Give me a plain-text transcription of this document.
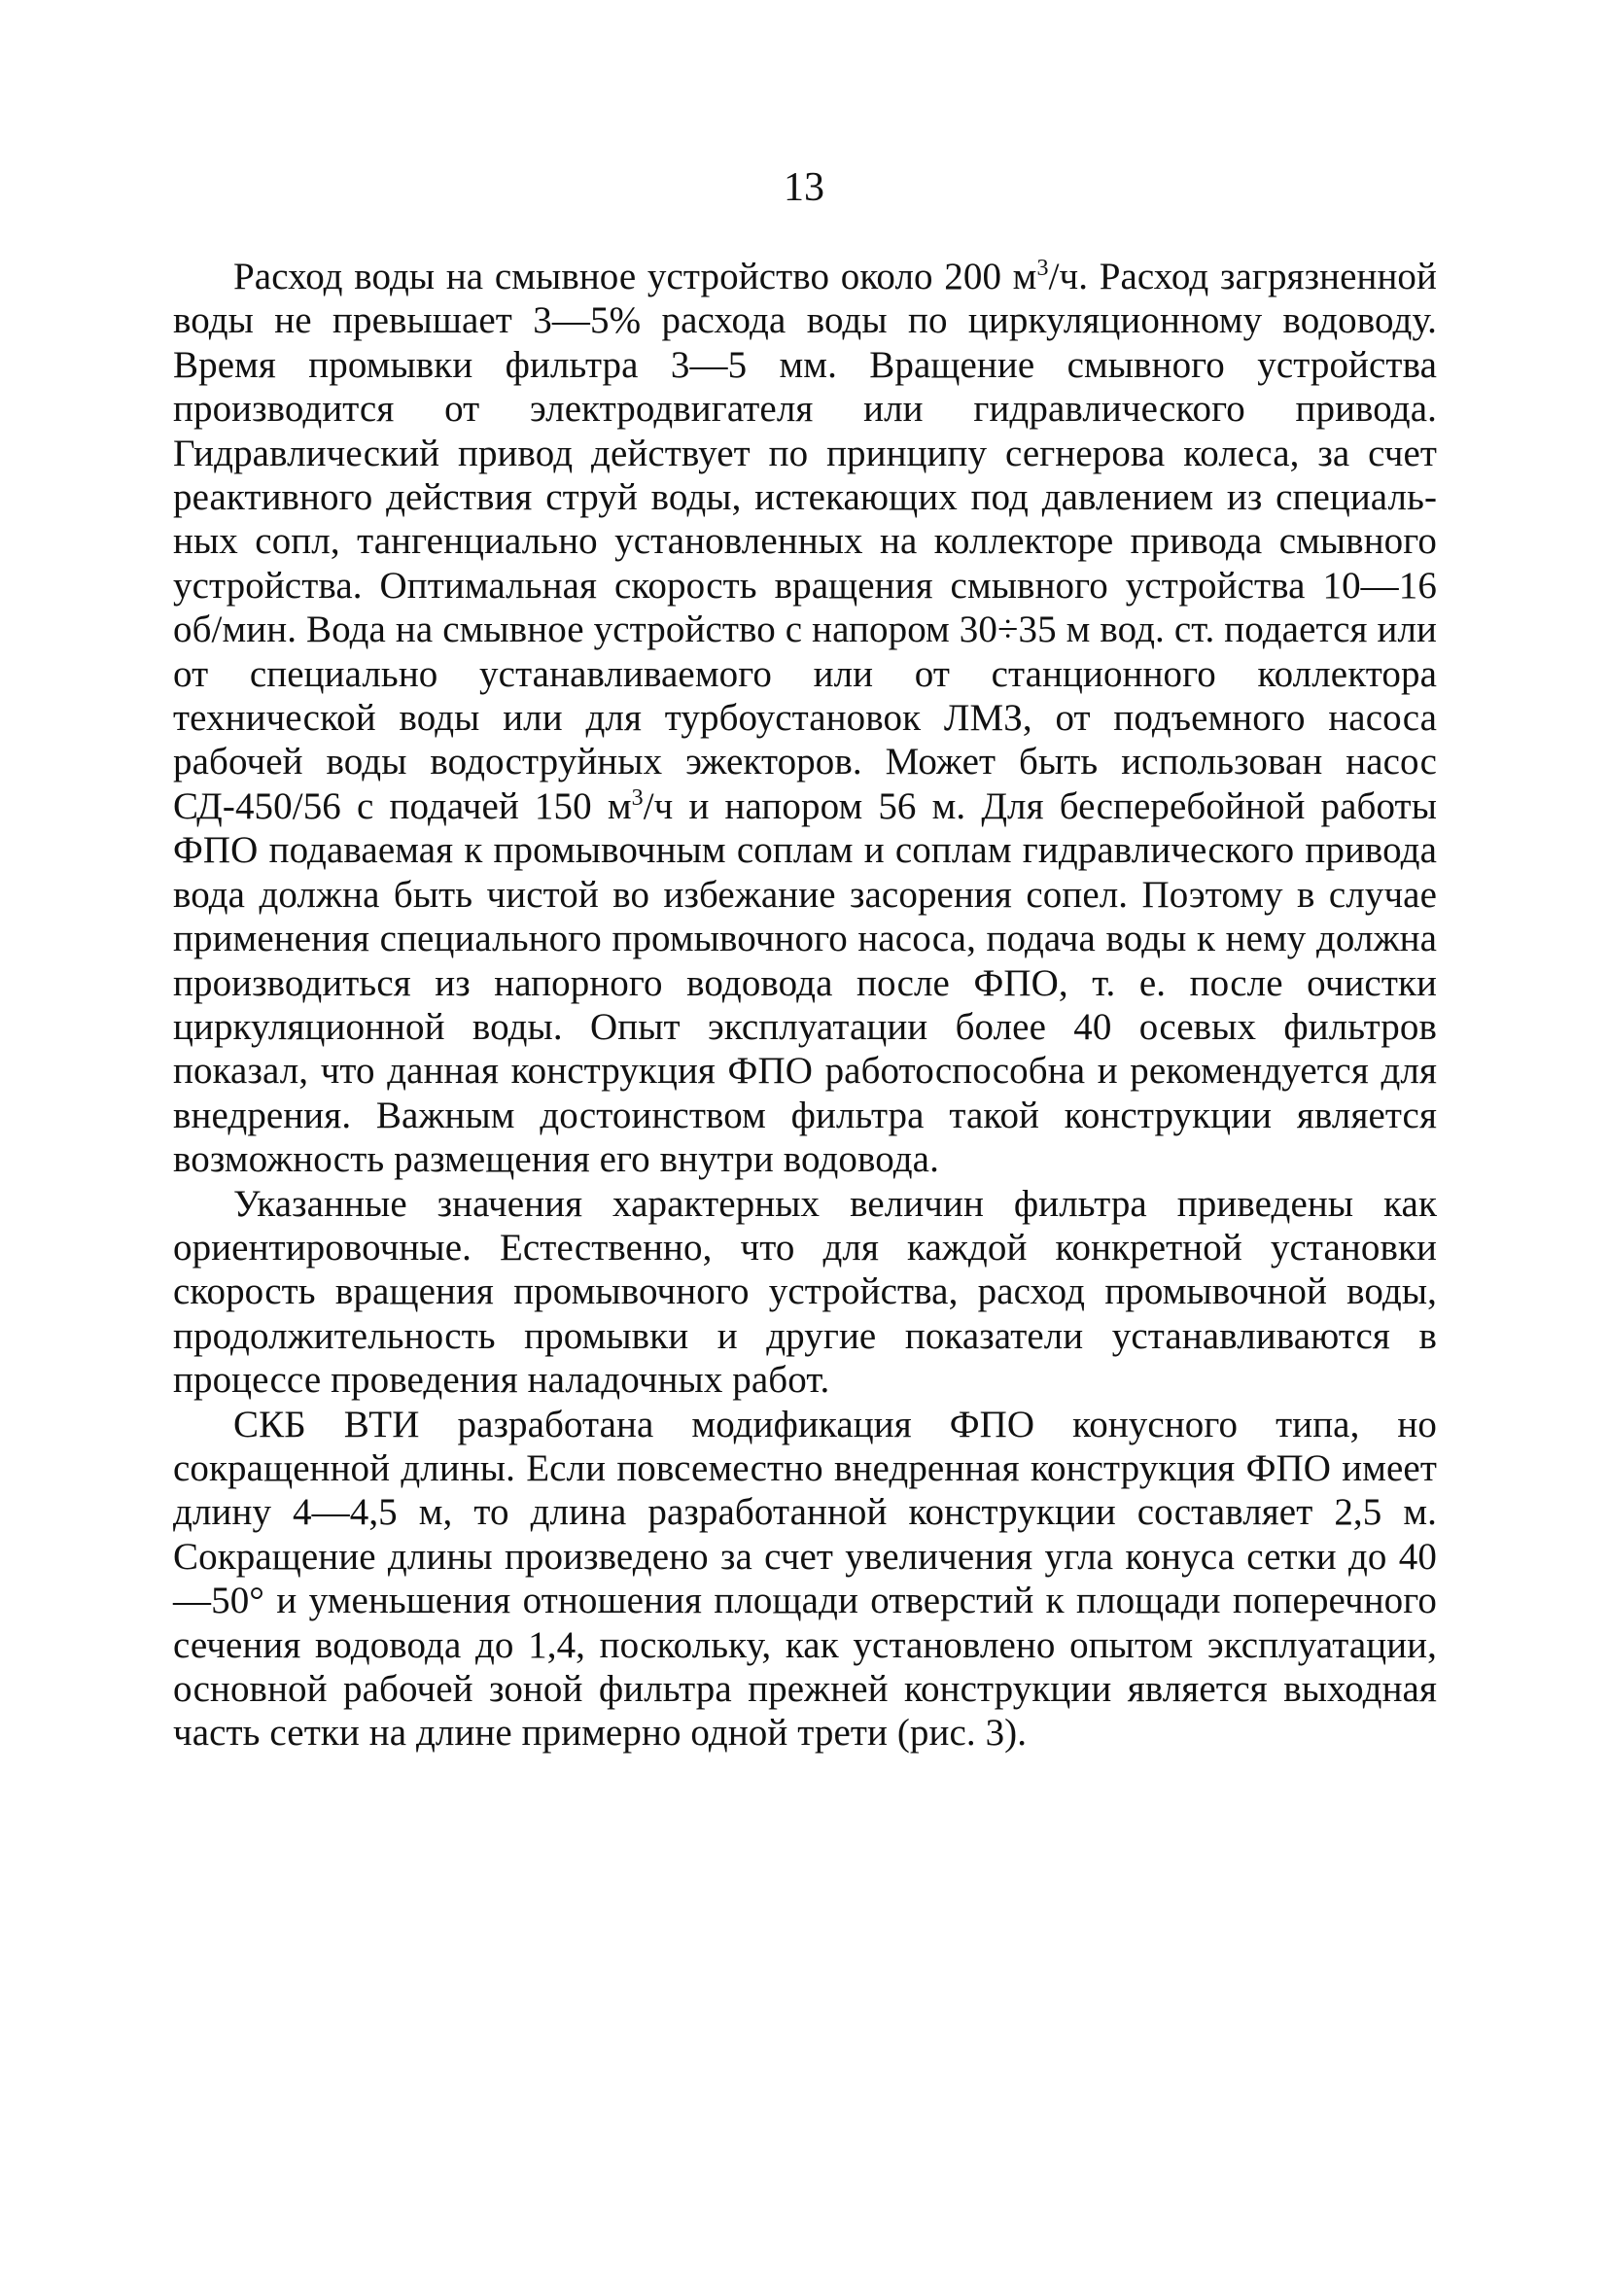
13

Расход воды на смывное устройство около 200 $м^3/ч$. Расход загрязненной воды не превышает 3—5% расхода воды по циркуляционному водоводу. Время промывки фильтра 3—5 мм. Вращение смывного устройства производится от электродвигателя или гидравлического привода. Гидравлический привод действует по принципу сегнерова колеса, за счет реактивного действия струй воды, истекающих под давлением из специальных сопл, тангенциально установленных на коллекторе привода смывного устройства. Оптимальная скорость вращения смывного устройства 10—16 об/мин. Вода на смывное устройство с напором 30÷35 м вод. ст. подается или от специально устанавливаемого или от станционного коллектора технической воды или для турбоустановок ЛМЗ, от подъемного насоса рабочей воды водоструйных эжекторов. Может быть использован насос СД-450/56 с подачей 150 $м^3/ч$ и напором 56 м. Для бесперебойной работы ФПО подаваемая к промывочным соплам и соплам гидравлического привода вода должна быть чистой во избежание засорения сопел. Поэтому в случае применения специального промывочного насоса, подача воды к нему должна производиться из напорного водовода после ФПО, т. е. после очистки циркуляционной воды. Опыт эксплуатации более 40 осевых фильтров показал, что данная конструкция ФПО работоспособна и рекомендуется для внедрения. Важным достоинством фильтра такой конструкции является возможность размещения его внутри водовода.

Указанные значения характерных величин фильтра приведены как ориентировочные. Естественно, что для каждой конкретной установки скорость вращения промывочного устройства, расход промывочной воды, продолжительность промывки и другие показатели устанавливаются в процессе проведения наладочных работ.

СКБ ВТИ разработана модификация ФПО конусного типа, но сокращенной длины. Если повсеместно внедренная конструкция ФПО имеет длину 4—4,5 м, то длина разработанной конструкции составляет 2,5 м. Сокращение длины произведено за счет увеличения угла конуса сетки до 40—50° и уменьшения отношения площади отверстий к площади поперечного сечения водовода до 1,4, поскольку, как установлено опытом эксплуатации, основной рабочей зоной фильтра прежней конструкции является выходная часть сетки на длине примерно одной трети (рис. 3).
